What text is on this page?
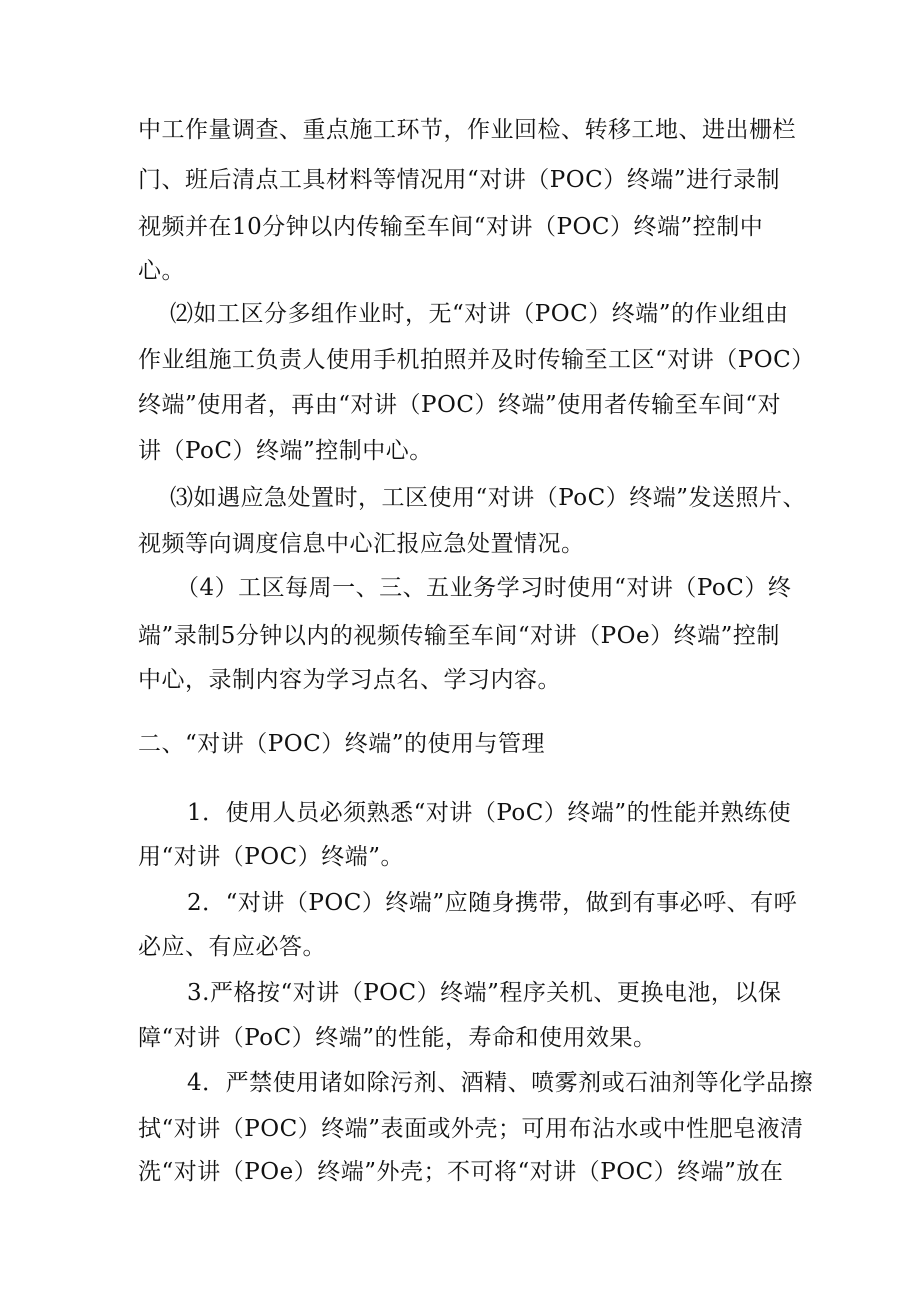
中工作量调查、重点施工环节，作业回检、转移工地、进出栅栏

门、班后清点工具材料等情况用“对讲（POC）终端”进行录制

视频并在10分钟以内传输至车间“对讲（POC）终端”控制中

心。

⑵如工区分多组作业时，无“对讲（POC）终端”的作业组由

作业组施工负责人使用手机拍照并及时传输至工区“对讲（POC）

终端”使用者，再由“对讲（POC）终端”使用者传输至车间“对

讲（PoC）终端”控制中心。

⑶如遇应急处置时，工区使用“对讲（PoC）终端”发送照片、

视频等向调度信息中心汇报应急处置情况。

（4）工区每周一、三、五业务学习时使用“对讲（PoC）终

端”录制5分钟以内的视频传输至车间“对讲（POe）终端”控制

中心，录制内容为学习点名、学习内容。

二、“对讲（POC）终端”的使用与管理

1．使用人员必须熟悉“对讲（PoC）终端”的性能并熟练使

用“对讲（POC）终端”。

2．“对讲（POC）终端”应随身携带，做到有事必呼、有呼

必应、有应必答。

3.严格按“对讲（POC）终端”程序关机、更换电池，以保

障“对讲（PoC）终端”的性能，寿命和使用效果。

4．严禁使用诸如除污剂、酒精、喷雾剂或石油剂等化学品擦

拭“对讲（POC）终端”表面或外壳；可用布沾水或中性肥皂液清

洗“对讲（POe）终端”外壳；不可将“对讲（POC）终端”放在
